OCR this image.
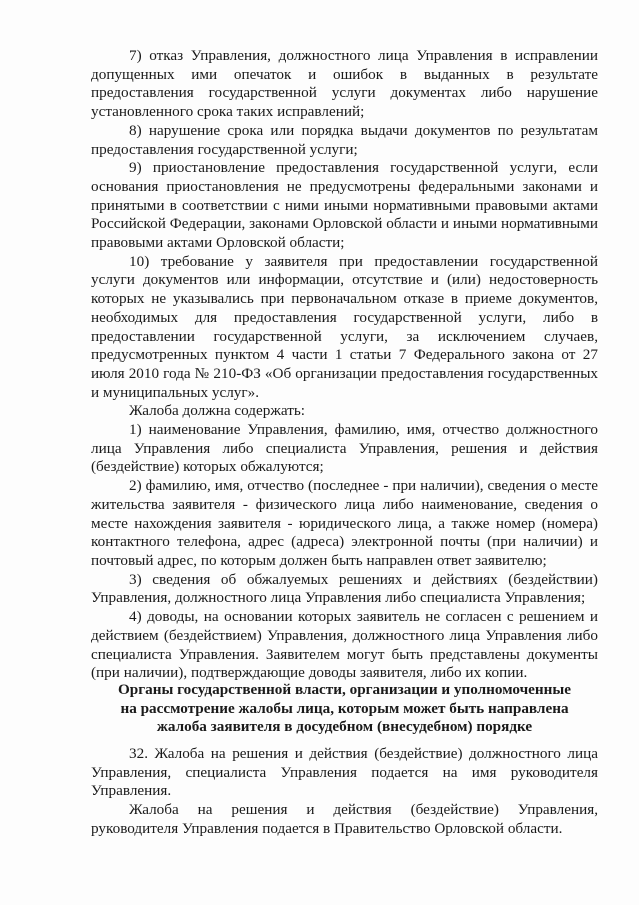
7) отказ Управления, должностного лица Управления в исправлении допущенных ими опечаток и ошибок в выданных в результате предоставления государственной услуги документах либо нарушение установленного срока таких исправлений;

8) нарушение срока или порядка выдачи документов по результатам предоставления государственной услуги;

9) приостановление предоставления государственной услуги, если основания приостановления не предусмотрены федеральными законами и принятыми в соответствии с ними иными нормативными правовыми актами Российской Федерации, законами Орловской области и иными нормативными правовыми актами Орловской области;

10) требование у заявителя при предоставлении государственной услуги документов или информации, отсутствие и (или) недостоверность которых не указывались при первоначальном отказе в приеме документов, необходимых для предоставления государственной услуги, либо в предоставлении государственной услуги, за исключением случаев, предусмотренных пунктом 4 части 1 статьи 7 Федерального закона от 27 июля 2010 года № 210-ФЗ «Об организации предоставления государственных и муниципальных услуг».

Жалоба должна содержать:

1) наименование Управления, фамилию, имя, отчество должностного лица Управления либо специалиста Управления, решения и действия (бездействие) которых обжалуются;

2) фамилию, имя, отчество (последнее - при наличии), сведения о месте жительства заявителя - физического лица либо наименование, сведения о месте нахождения заявителя - юридического лица, а также номер (номера) контактного телефона, адрес (адреса) электронной почты (при наличии) и почтовый адрес, по которым должен быть направлен ответ заявителю;

3) сведения об обжалуемых решениях и действиях (бездействии) Управления, должностного лица Управления либо специалиста Управления;

4) доводы, на основании которых заявитель не согласен с решением и действием (бездействием) Управления, должностного лица Управления либо специалиста Управления. Заявителем могут быть представлены документы (при наличии), подтверждающие доводы заявителя, либо их копии.

Органы государственной власти, организации и уполномоченные на рассмотрение жалобы лица, которым может быть направлена жалоба заявителя в досудебном (внесудебном) порядке

32. Жалоба на решения и действия (бездействие) должностного лица Управления, специалиста Управления подается на имя руководителя Управления.

Жалоба на решения и действия (бездействие) Управления, руководителя Управления подается в Правительство Орловской области.
